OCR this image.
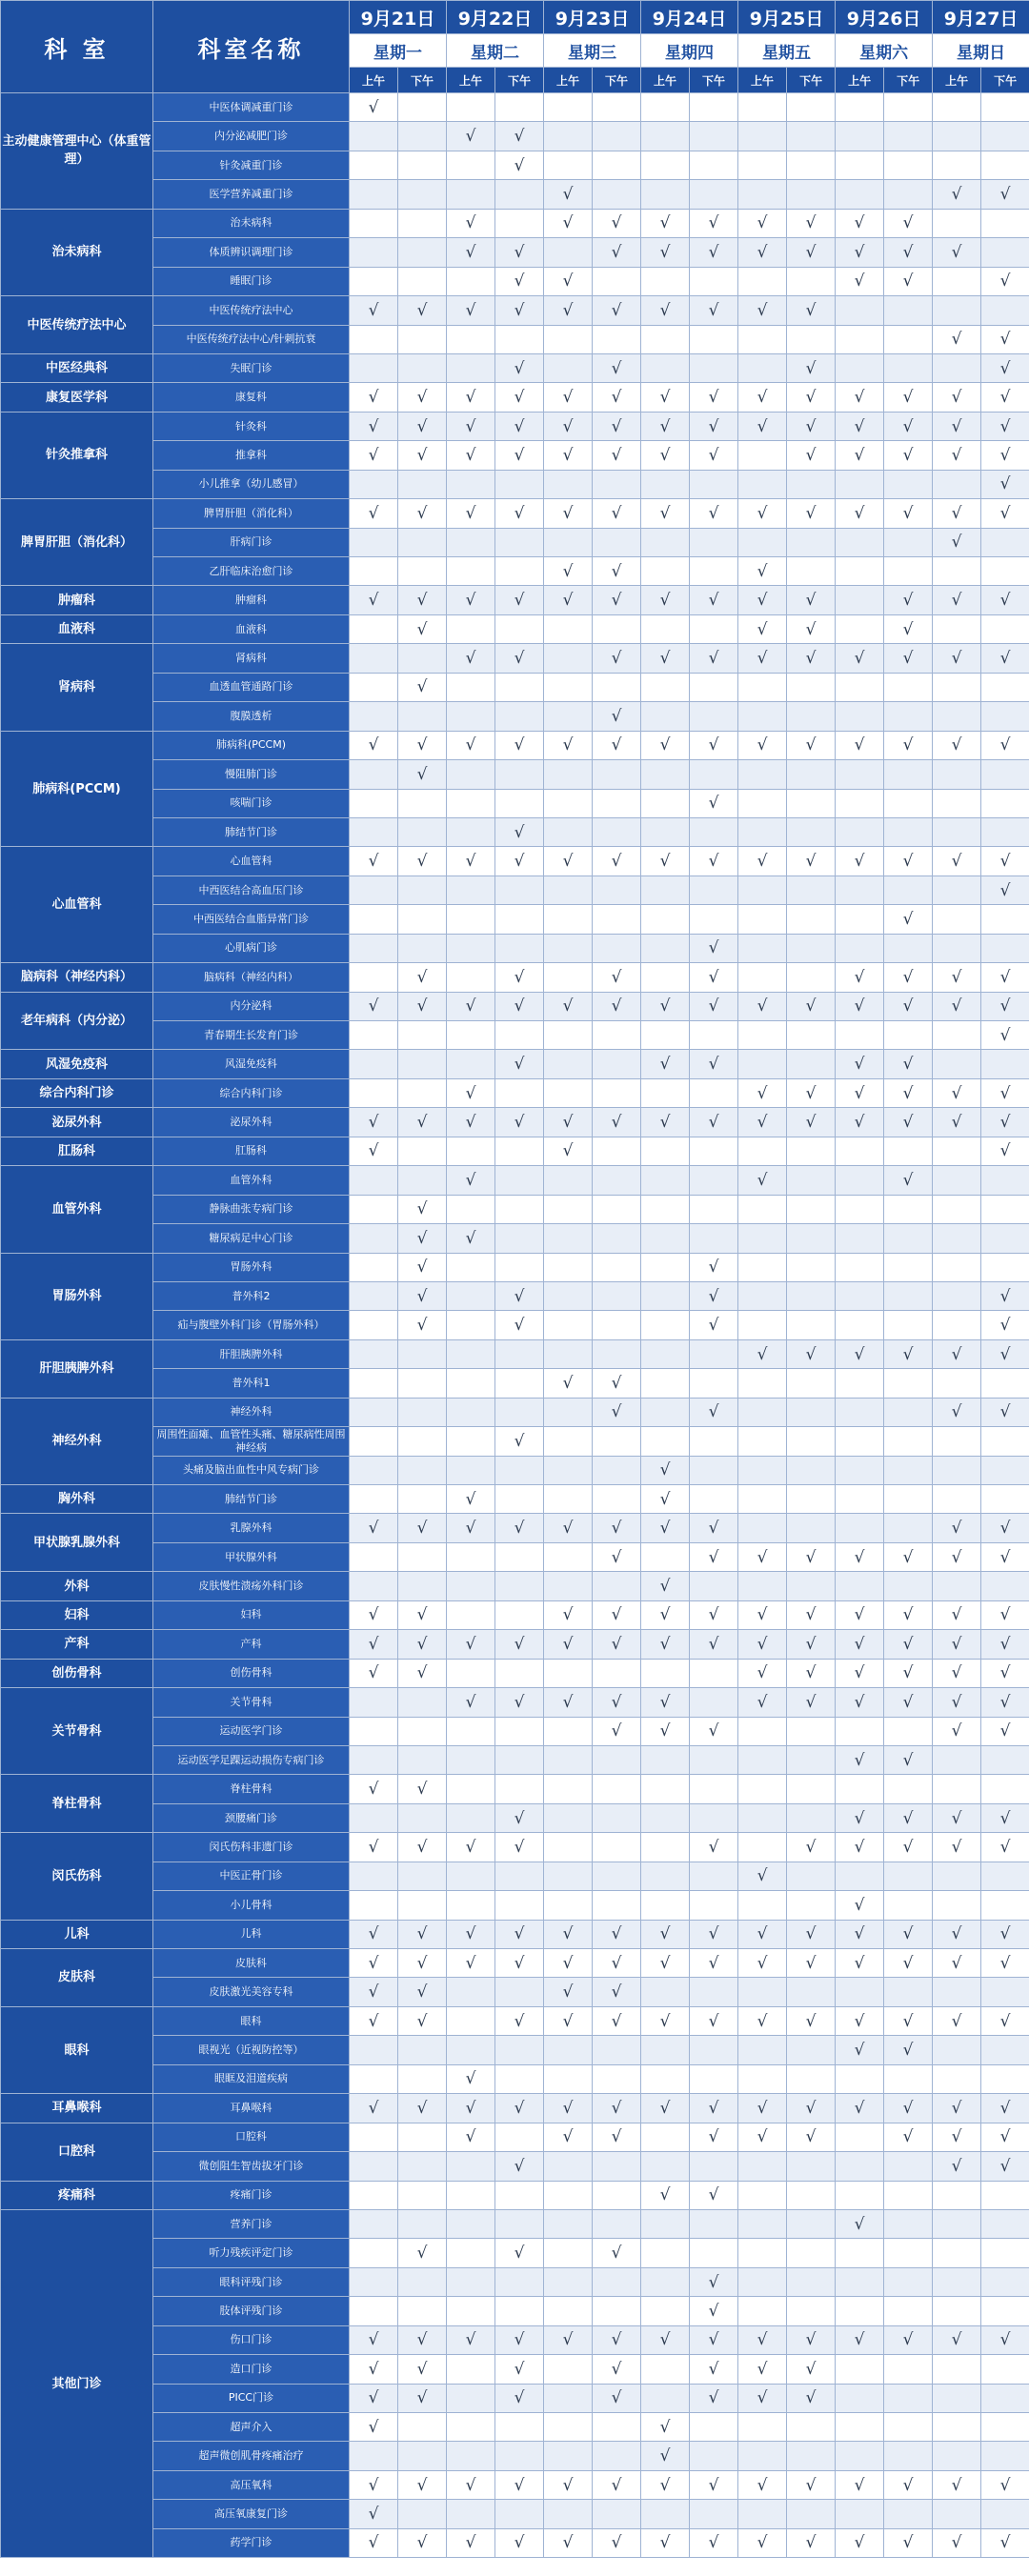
科 室	科室名称	9月21日		9月22日		9月23日		9月24日		9月25日		9月26日		9月27日	
		星期一		星期二		星期三		星期四		星期五		星期六		星期日	
		上午	下午	上午	下午	上午	下午	上午	下午	上午	下午	上午	下午	上午	下午
主动健康管理中心（体重管理）	中医体调减重门诊	√													
	内分泌减肥门诊			√	√										
	针灸减重门诊				√										
	医学营养减重门诊					√								√	√
治未病科	治未病科			√		√	√	√	√	√	√	√	√		
	体质辨识调理门诊			√	√		√	√	√	√	√	√	√	√	
	睡眠门诊				√	√						√	√		√
中医传统疗法中心	中医传统疗法中心	√	√	√	√	√	√	√	√	√	√				
	中医传统疗法中心/针刺抗衰													√	√
中医经典科	失眠门诊				√		√				√				√
康复医学科	康复科	√	√	√	√	√	√	√	√	√	√	√	√	√	√
针灸推拿科	针灸科	√	√	√	√	√	√	√	√	√	√	√	√	√	√
	推拿科	√	√	√	√	√	√	√	√		√	√	√	√	√
	小儿推拿（幼儿感冒）														√
脾胃肝胆（消化科）	脾胃肝胆（消化科）	√	√	√	√	√	√	√	√	√	√	√	√	√	√
	肝病门诊													√	
	乙肝临床治愈门诊					√	√			√					
肿瘤科	肿瘤科	√	√	√	√	√	√	√	√	√	√		√	√	√
血液科	血液科		√							√	√		√		
肾病科	肾病科			√	√		√	√	√	√	√	√	√	√	√
	血透血管通路门诊		√												
	腹膜透析						√								
肺病科(PCCM)	肺病科(PCCM)	√	√	√	√	√	√	√	√	√	√	√	√	√	√
	慢阻肺门诊		√												
	咳喘门诊								√						
	肺结节门诊				√										
心血管科	心血管科	√	√	√	√	√	√	√	√	√	√	√	√	√	√
	中西医结合高血压门诊														√
	中西医结合血脂异常门诊												√		
	心肌病门诊								√						
脑病科（神经内科）	脑病科（神经内科）		√		√		√		√			√	√	√	√
老年病科（内分泌）	内分泌科	√	√	√	√	√	√	√	√	√	√	√	√	√	√
	青春期生长发育门诊														√
风湿免疫科	风湿免疫科				√			√	√			√	√		
综合内科门诊	综合内科门诊			√						√	√	√	√	√	√
泌尿外科	泌尿外科	√	√	√	√	√	√	√	√	√	√	√	√	√	√
肛肠科	肛肠科	√				√									√
血管外科	血管外科			√						√			√		
	静脉曲张专病门诊		√												
	糖尿病足中心门诊		√	√											
胃肠外科	胃肠外科		√						√						
	普外科2		√		√				√						√
	疝与腹壁外科门诊（胃肠外科）		√		√				√						√
肝胆胰脾外科	肝胆胰脾外科									√	√	√	√	√	√
	普外科1					√	√								
神经外科	神经外科						√		√					√	√
	周围性面瘫、血管性头痛、糖尿病性周围神经病				√										
	头痛及脑出血性中风专病门诊							√							
胸外科	肺结节门诊			√				√							
甲状腺乳腺外科	乳腺外科	√	√	√	√	√	√	√	√					√	√
	甲状腺外科						√		√	√	√	√	√	√	√
外科	皮肤慢性溃疡外科门诊							√							
妇科	妇科	√	√			√	√	√	√	√	√	√	√	√	√
产科	产科	√	√	√	√	√	√	√	√	√	√	√	√	√	√
创伤骨科	创伤骨科	√	√							√	√	√	√	√	√
关节骨科	关节骨科			√	√	√	√	√		√	√	√	√	√	√
	运动医学门诊						√	√	√					√	√
	运动医学足踝运动损伤专病门诊											√	√		
脊柱骨科	脊柱骨科	√	√												
	颈腰痛门诊				√							√	√	√	√
闵氏伤科	闵氏伤科非遗门诊	√	√	√	√				√		√	√	√	√	√
	中医正骨门诊									√					
	小儿骨科											√			
儿科	儿科	√	√	√	√	√	√	√	√	√	√	√	√	√	√
皮肤科	皮肤科	√	√	√	√	√	√	√	√	√	√	√	√	√	√
	皮肤激光美容专科	√	√			√	√								
眼科	眼科	√	√		√	√	√	√	√	√	√	√	√	√	√
	眼视光（近视防控等）											√	√		
	眼眶及泪道疾病			√											
耳鼻喉科	耳鼻喉科	√	√	√	√	√	√	√	√	√	√	√	√	√	√
口腔科	口腔科			√		√	√		√	√	√		√	√	√
	微创阻生智齿拔牙门诊				√									√	√
疼痛科	疼痛门诊							√	√						
其他门诊	营养门诊											√			
	听力残疾评定门诊		√		√		√								
	眼科评残门诊								√						
	肢体评残门诊								√						
	伤口门诊	√	√	√	√	√	√	√	√	√	√	√	√	√	√
	造口门诊	√	√		√		√		√	√	√				
	PICC门诊	√	√		√		√		√	√	√				
	超声介入	√						√							
	超声微创肌骨疼痛治疗							√							
	高压氧科	√	√	√	√	√	√	√	√	√	√	√	√	√	√
	高压氧康复门诊	√													
	药学门诊	√	√	√	√	√	√	√	√	√	√	√	√	√	√
